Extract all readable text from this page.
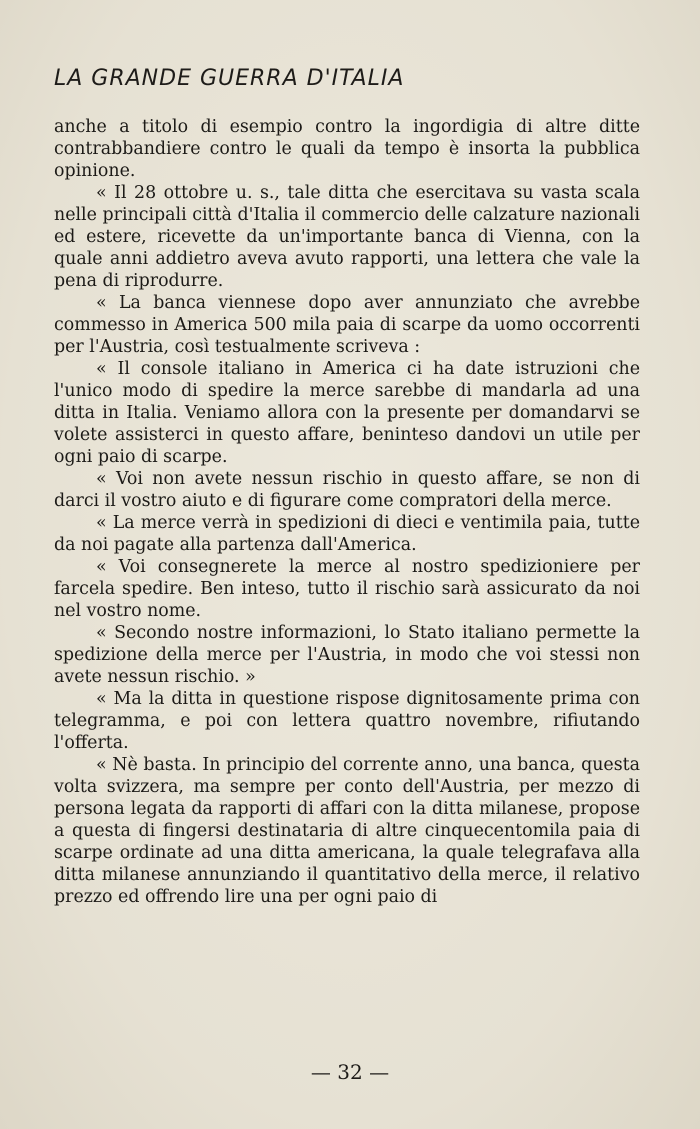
LA GRANDE GUERRA D'ITALIA

anche a titolo di esempio contro la ingordigia di altre ditte contrabbandiere contro le quali da tempo è insorta la pubblica opinione.

« Il 28 ottobre u. s., tale ditta che esercitava su vasta scala nelle principali città d'Italia il commercio delle calzature nazionali ed estere, ricevette da un'importante banca di Vienna, con la quale anni addietro aveva avuto rapporti, una lettera che vale la pena di riprodurre.

« La banca viennese dopo aver annunziato che avrebbe commesso in America 500 mila paia di scarpe da uomo occorrenti per l'Austria, così testualmente scriveva :

« Il console italiano in America ci ha date istruzioni che l'unico modo di spedire la merce sarebbe di mandarla ad una ditta in Italia. Veniamo allora con la presente per domandarvi se volete assisterci in questo affare, beninteso dandovi un utile per ogni paio di scarpe.

« Voi non avete nessun rischio in questo affare, se non di darci il vostro aiuto e di figurare come compratori della merce.

« La merce verrà in spedizioni di dieci e ventimila paia, tutte da noi pagate alla partenza dall'America.

« Voi consegnerete la merce al nostro spedizioniere per farcela spedire. Ben inteso, tutto il rischio sarà assicurato da noi nel vostro nome.

« Secondo nostre informazioni, lo Stato italiano permette la spedizione della merce per l'Austria, in modo che voi stessi non avete nessun rischio. »

« Ma la ditta in questione rispose dignitosamente prima con telegramma, e poi con lettera quattro novembre, rifiutando l'offerta.

« Nè basta. In principio del corrente anno, una banca, questa volta svizzera, ma sempre per conto dell'Austria, per mezzo di persona legata da rapporti di affari con la ditta milanese, propose a questa di fingersi destinataria di altre cinquecentomila paia di scarpe ordinate ad una ditta americana, la quale telegrafava alla ditta milanese annunziando il quantitativo della merce, il relativo prezzo ed offrendo lire una per ogni paio di

— 32 —
